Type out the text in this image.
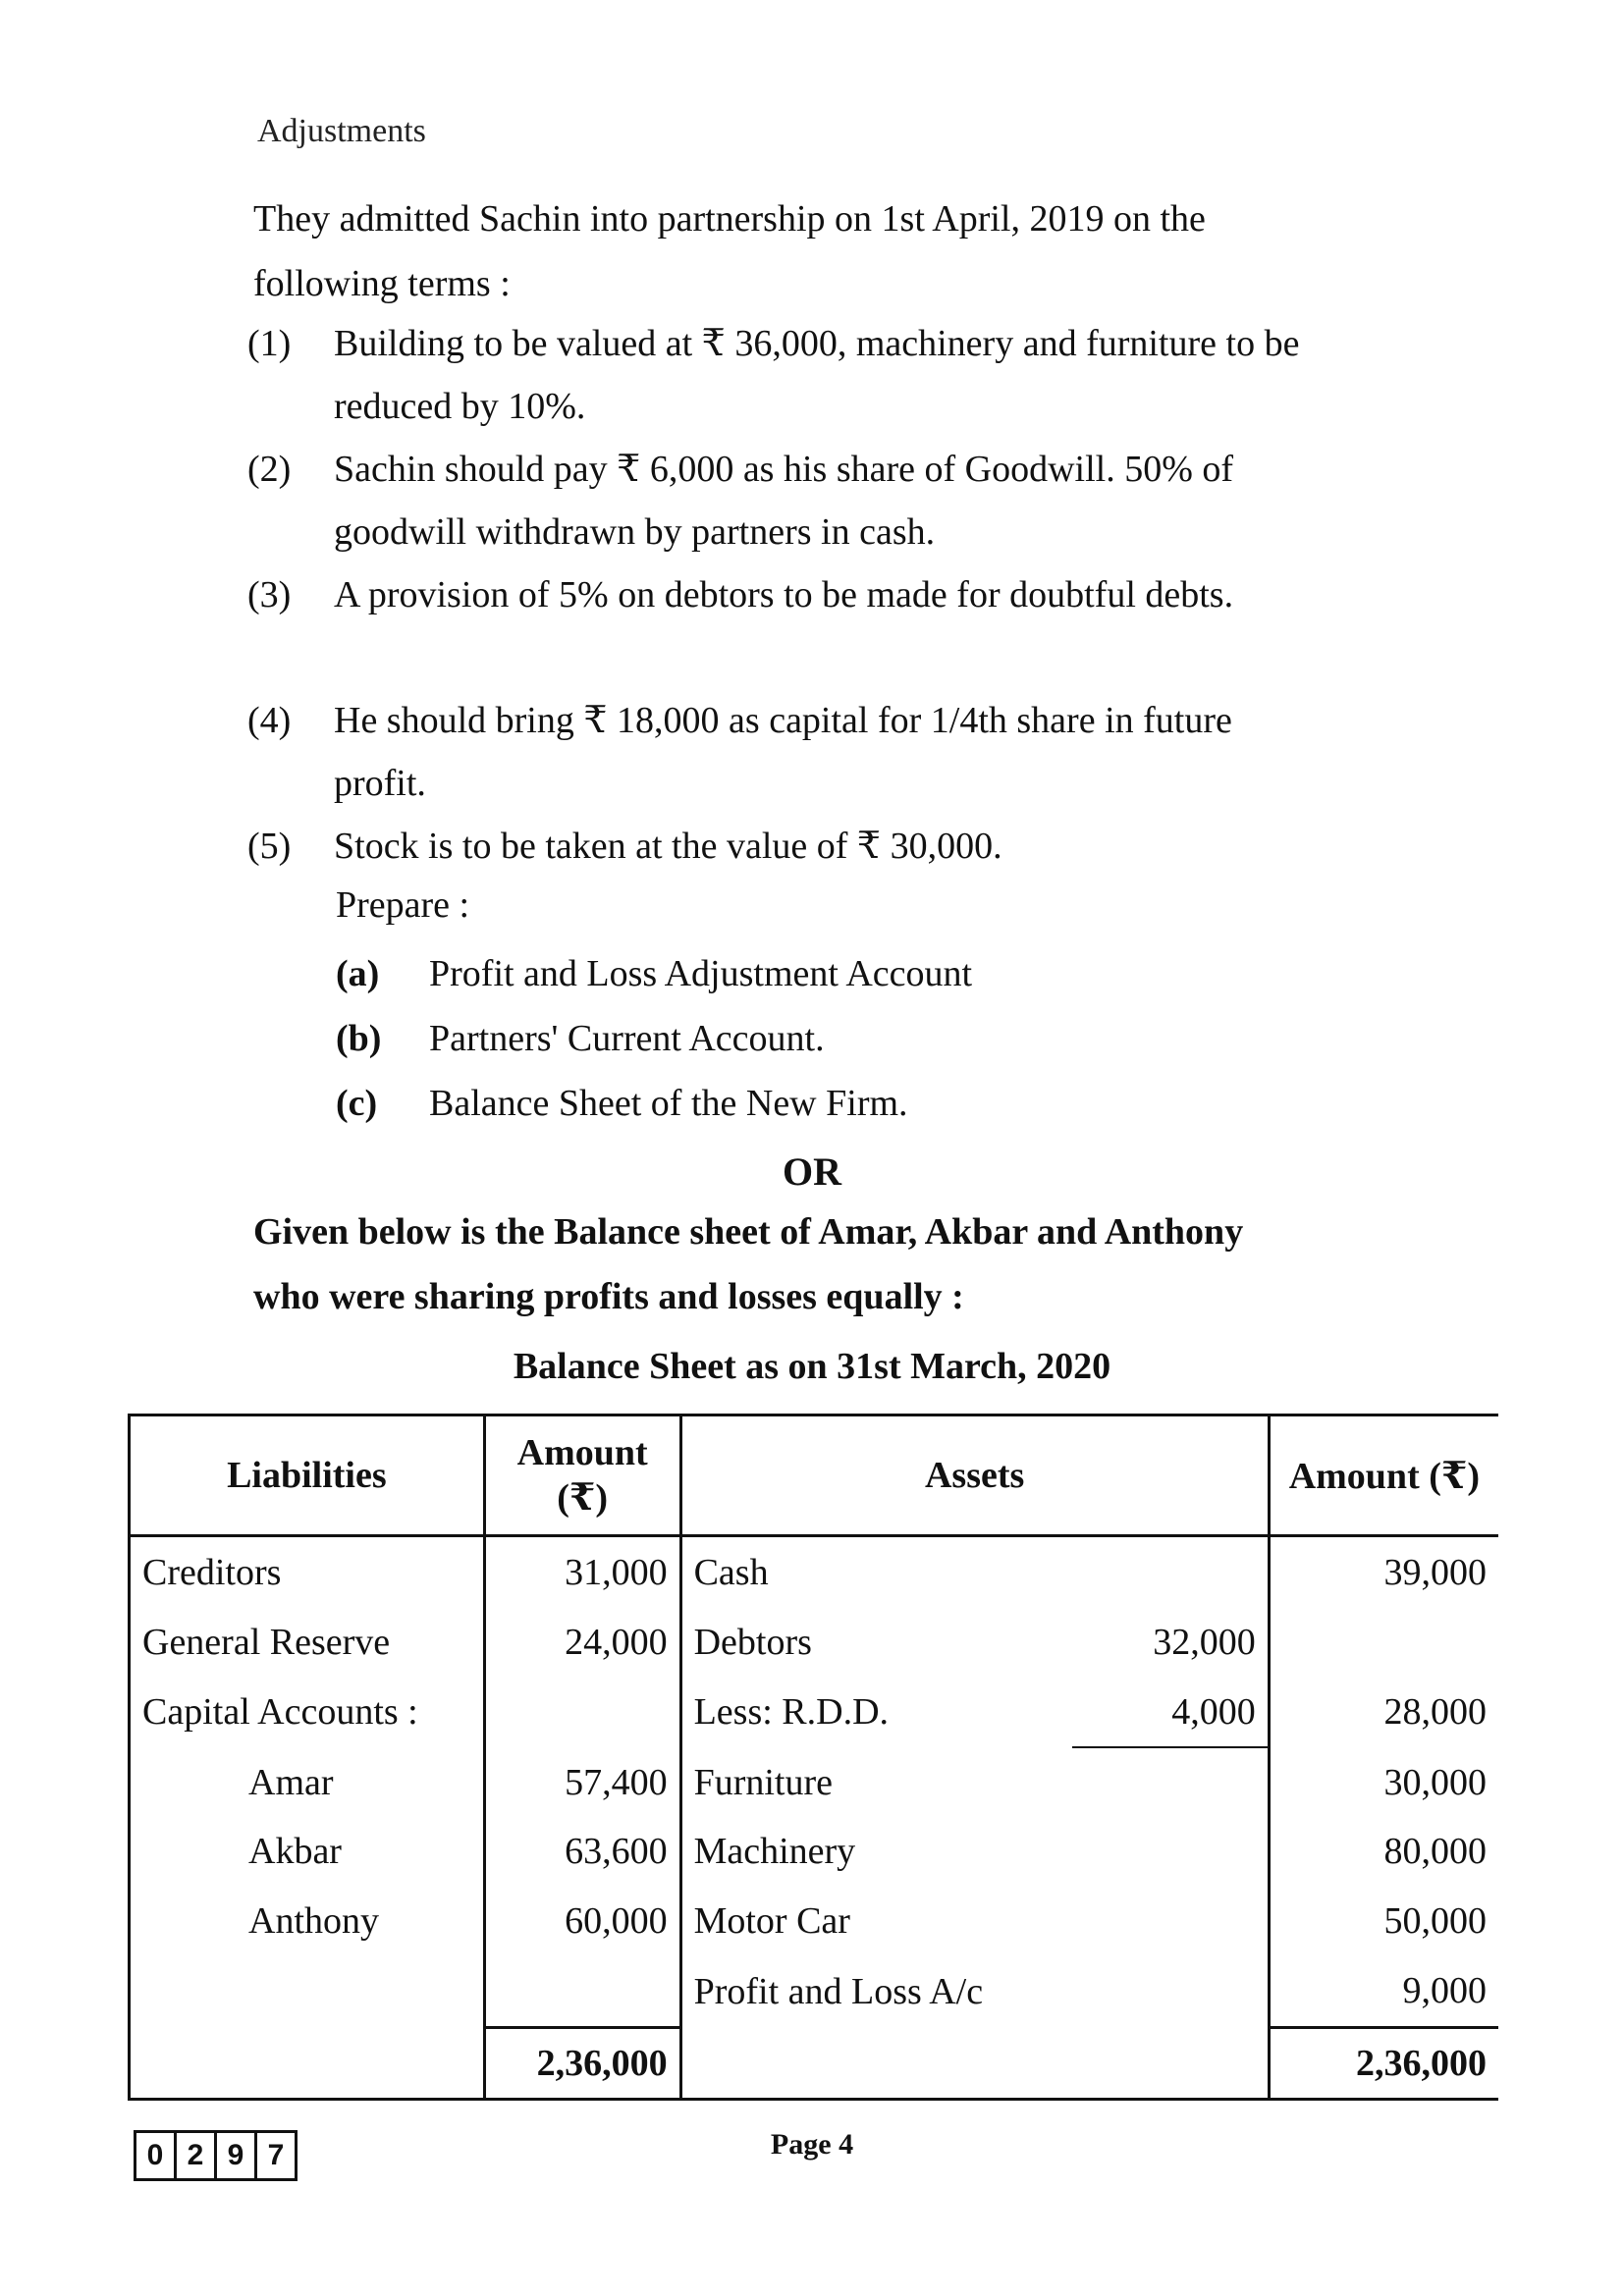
Adjustments
They admitted Sachin into partnership on 1st April, 2019 on the following terms :
(1)	Building to be valued at ₹ 36,000, machinery and furniture to be reduced by 10%.
(2)	Sachin should pay ₹ 6,000 as his share of Goodwill. 50% of goodwill withdrawn by partners in cash.
(3)	A provision of 5% on debtors to be made for doubtful debts.
(4)	He should bring ₹ 18,000 as capital for 1/4th share in future profit.
(5)	Stock is to be taken at the value of ₹ 30,000.
Prepare :
(a)	Profit and Loss Adjustment Account
(b)	Partners' Current Account.
(c)	Balance Sheet of the New Firm.
OR
Given below is the Balance sheet of Amar, Akbar and Anthony who were sharing profits and losses equally :
Balance Sheet as on 31st March, 2020
Liabilities	Amount (₹)	Assets		Amount (₹)
Creditors	31,000	Cash		39,000
General Reserve	24,000	Debtors	32,000	
Capital Accounts :		Less: R.D.D.	4,000	28,000
Amar	57,400	Furniture		30,000
Akbar	63,600	Machinery		80,000
Anthony	60,000	Motor Car		50,000
		Profit and Loss A/c		9,000
	2,36,000			2,36,000
0 2 9 7	Page 4
